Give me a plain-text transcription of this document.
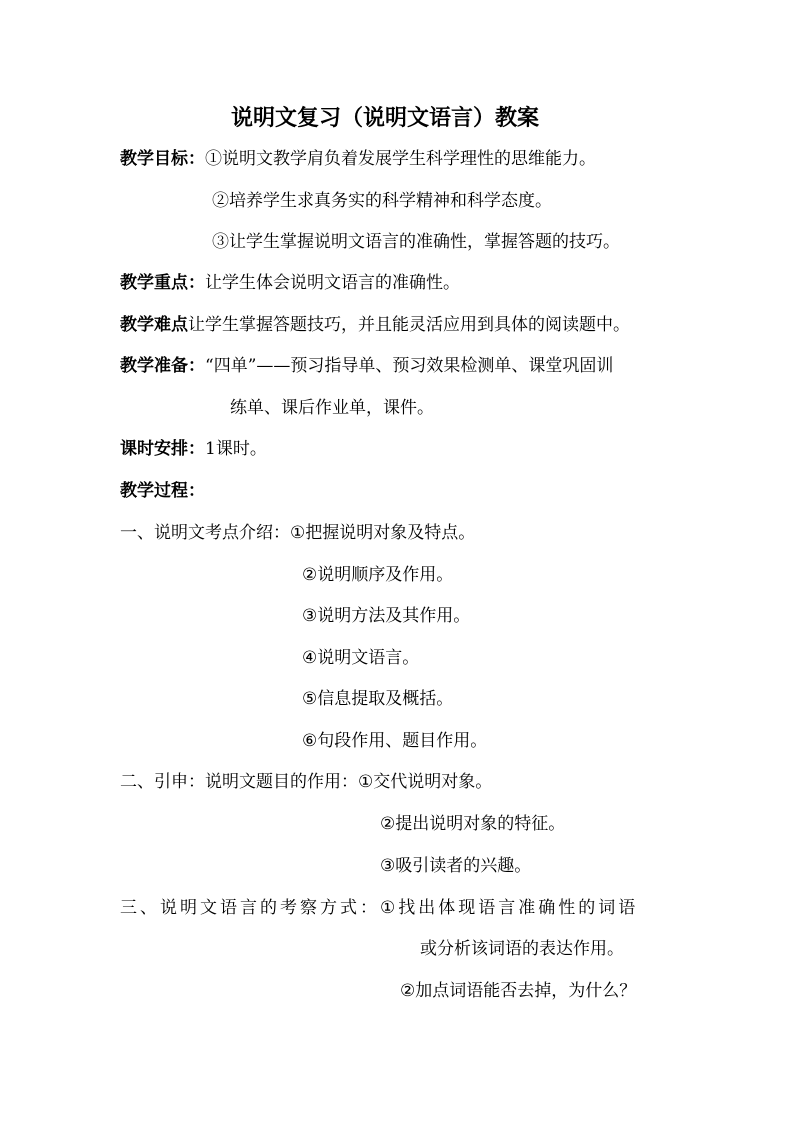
说明文复习（说明文语言）教案
教学目标：①说明文教学肩负着发展学生科学理性的思维能力。
②培养学生求真务实的科学精神和科学态度。
③让学生掌握说明文语言的准确性，掌握答题的技巧。
教学重点：让学生体会说明文语言的准确性。
教学难点让学生掌握答题技巧，并且能灵活应用到具体的阅读题中。
教学准备：“四单”——预习指导单、预习效果检测单、课堂巩固训
练单、课后作业单，课件。
课时安排：1课时。
教学过程：
一、说明文考点介绍：①把握说明对象及特点。
②说明顺序及作用。
③说明方法及其作用。
④说明文语言。
⑤信息提取及概括。
⑥句段作用、题目作用。
二、引申：说明文题目的作用：①交代说明对象。
②提出说明对象的特征。
③吸引读者的兴趣。
三、说明文语言的考察方式：①找出体现语言准确性的词语
或分析该词语的表达作用。
②加点词语能否去掉，为什么？
